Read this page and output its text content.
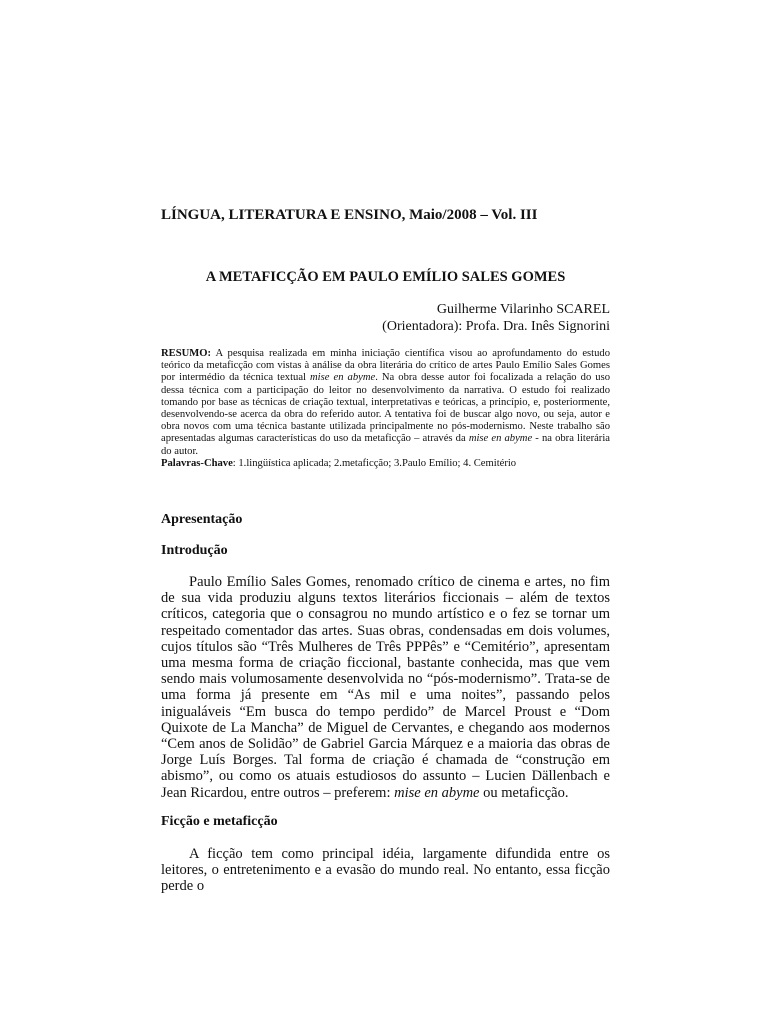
LÍNGUA, LITERATURA E ENSINO, Maio/2008 – Vol. III
A METAFICÇÃO EM PAULO EMÍLIO SALES GOMES
Guilherme Vilarinho SCAREL
(Orientadora): Profa. Dra. Inês Signorini
RESUMO: A pesquisa realizada em minha iniciação científica visou ao aprofundamento do estudo teórico da metaficção com vistas à análise da obra literária do crítico de artes Paulo Emílio Sales Gomes por intermédio da técnica textual mise en abyme. Na obra desse autor foi focalizada a relação do uso dessa técnica com a participação do leitor no desenvolvimento da narrativa. O estudo foi realizado tomando por base as técnicas de criação textual, interpretativas e teóricas, a princípio, e, posteriormente, desenvolvendo-se acerca da obra do referido autor. A tentativa foi de buscar algo novo, ou seja, autor e obra novos com uma técnica bastante utilizada principalmente no pós-modernismo. Neste trabalho são apresentadas algumas características do uso da metaficção – através da mise en abyme - na obra literária do autor.
Palavras-Chave: 1.lingüística aplicada; 2.metaficção; 3.Paulo Emílio; 4. Cemitério
Apresentação
Introdução
Paulo Emílio Sales Gomes, renomado crítico de cinema e artes, no fim de sua vida produziu alguns textos literários ficcionais – além de textos críticos, categoria que o consagrou no mundo artístico e o fez se tornar um respeitado comentador das artes. Suas obras, condensadas em dois volumes, cujos títulos são “Três Mulheres de Três PPPês” e “Cemitério”, apresentam uma mesma forma de criação ficcional, bastante conhecida, mas que vem sendo mais volumosamente desenvolvida no “pós-modernismo”. Trata-se de uma forma já presente em “As mil e uma noites”, passando pelos inigualáveis “Em busca do tempo perdido” de Marcel Proust e “Dom Quixote de La Mancha” de Miguel de Cervantes, e chegando aos modernos “Cem anos de Solidão” de Gabriel Garcia Márquez e a maioria das obras de Jorge Luís Borges. Tal forma de criação é chamada de “construção em abismo”, ou como os atuais estudiosos do assunto – Lucien Dällenbach e Jean Ricardou, entre outros – preferem: mise en abyme ou metaficção.
Ficção e metaficção
A ficção tem como principal idéia, largamente difundida entre os leitores, o entretenimento e a evasão do mundo real. No entanto, essa ficção perde o
